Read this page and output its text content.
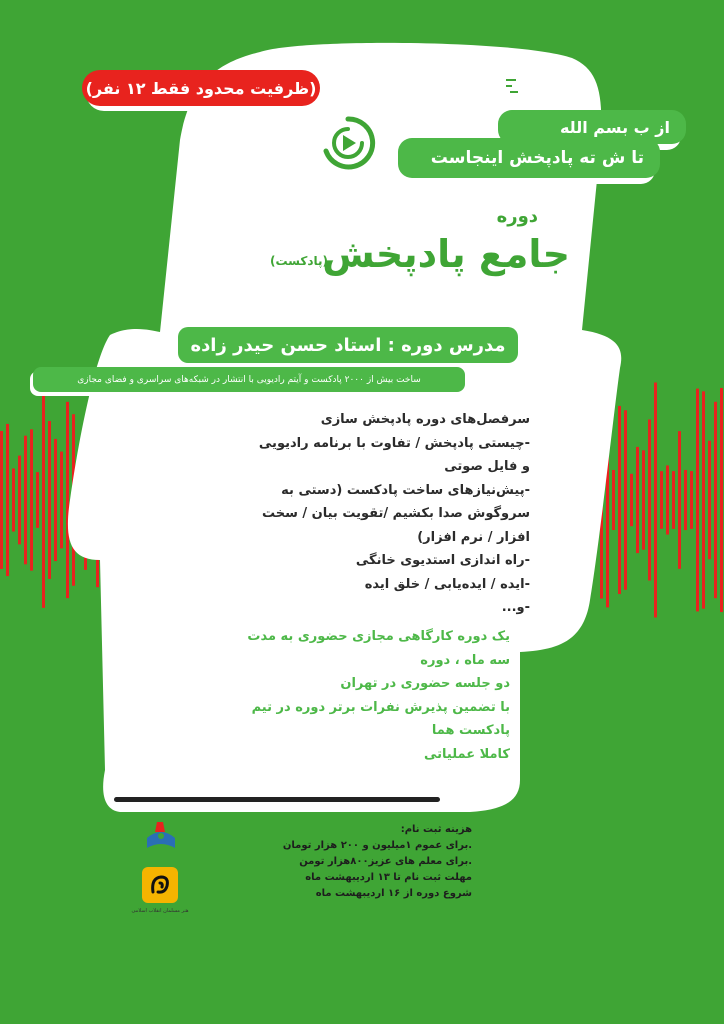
(ظرفیت محدود فقط ۱۲ نفر)
از ب بسم الله
تا ش ته پادپخش اینجاست
دوره
جامع پادپخش
(پادکست)
مدرس دوره : استاد حسن حیدر زاده
ساخت بیش از ۲۰۰۰ پادکست و آیتم رادیویی با انتشار در شبکه‌های سراسری و فضای مجازی
سرفصل‌های دوره پادپخش سازی
-چیستی پادپخش / تفاوت با برنامه رادیویی
و فایل صوتی
-پیش‌نیازهای ساخت پادکست (دستی به
سروگوش صدا بکشیم /تقویت بیان / سخت
افزار / نرم افزار)
-راه اندازی استدیوی خانگی
-ایده / ایده‌یابی / خلق ایده
-و...
یک دوره کارگاهی مجازی حضوری به مدت
سه ماه ، دوره
دو جلسه حضوری در تهران
با تضمین پذیرش نفرات برتر دوره در تیم
پادکست هما
کاملا عملیاتی
هزینه ثبت نام:
.برای عموم ۱میلیون و ۲۰۰ هزار تومان
.برای معلم های عزیز۸۰۰هزار تومن
مهلت ثبت نام تا ۱۳ اردیبهشت ماه
شروع دوره از ۱۶ اردیبهشت ماه
هنر مسلمان انقلاب اسلامی
